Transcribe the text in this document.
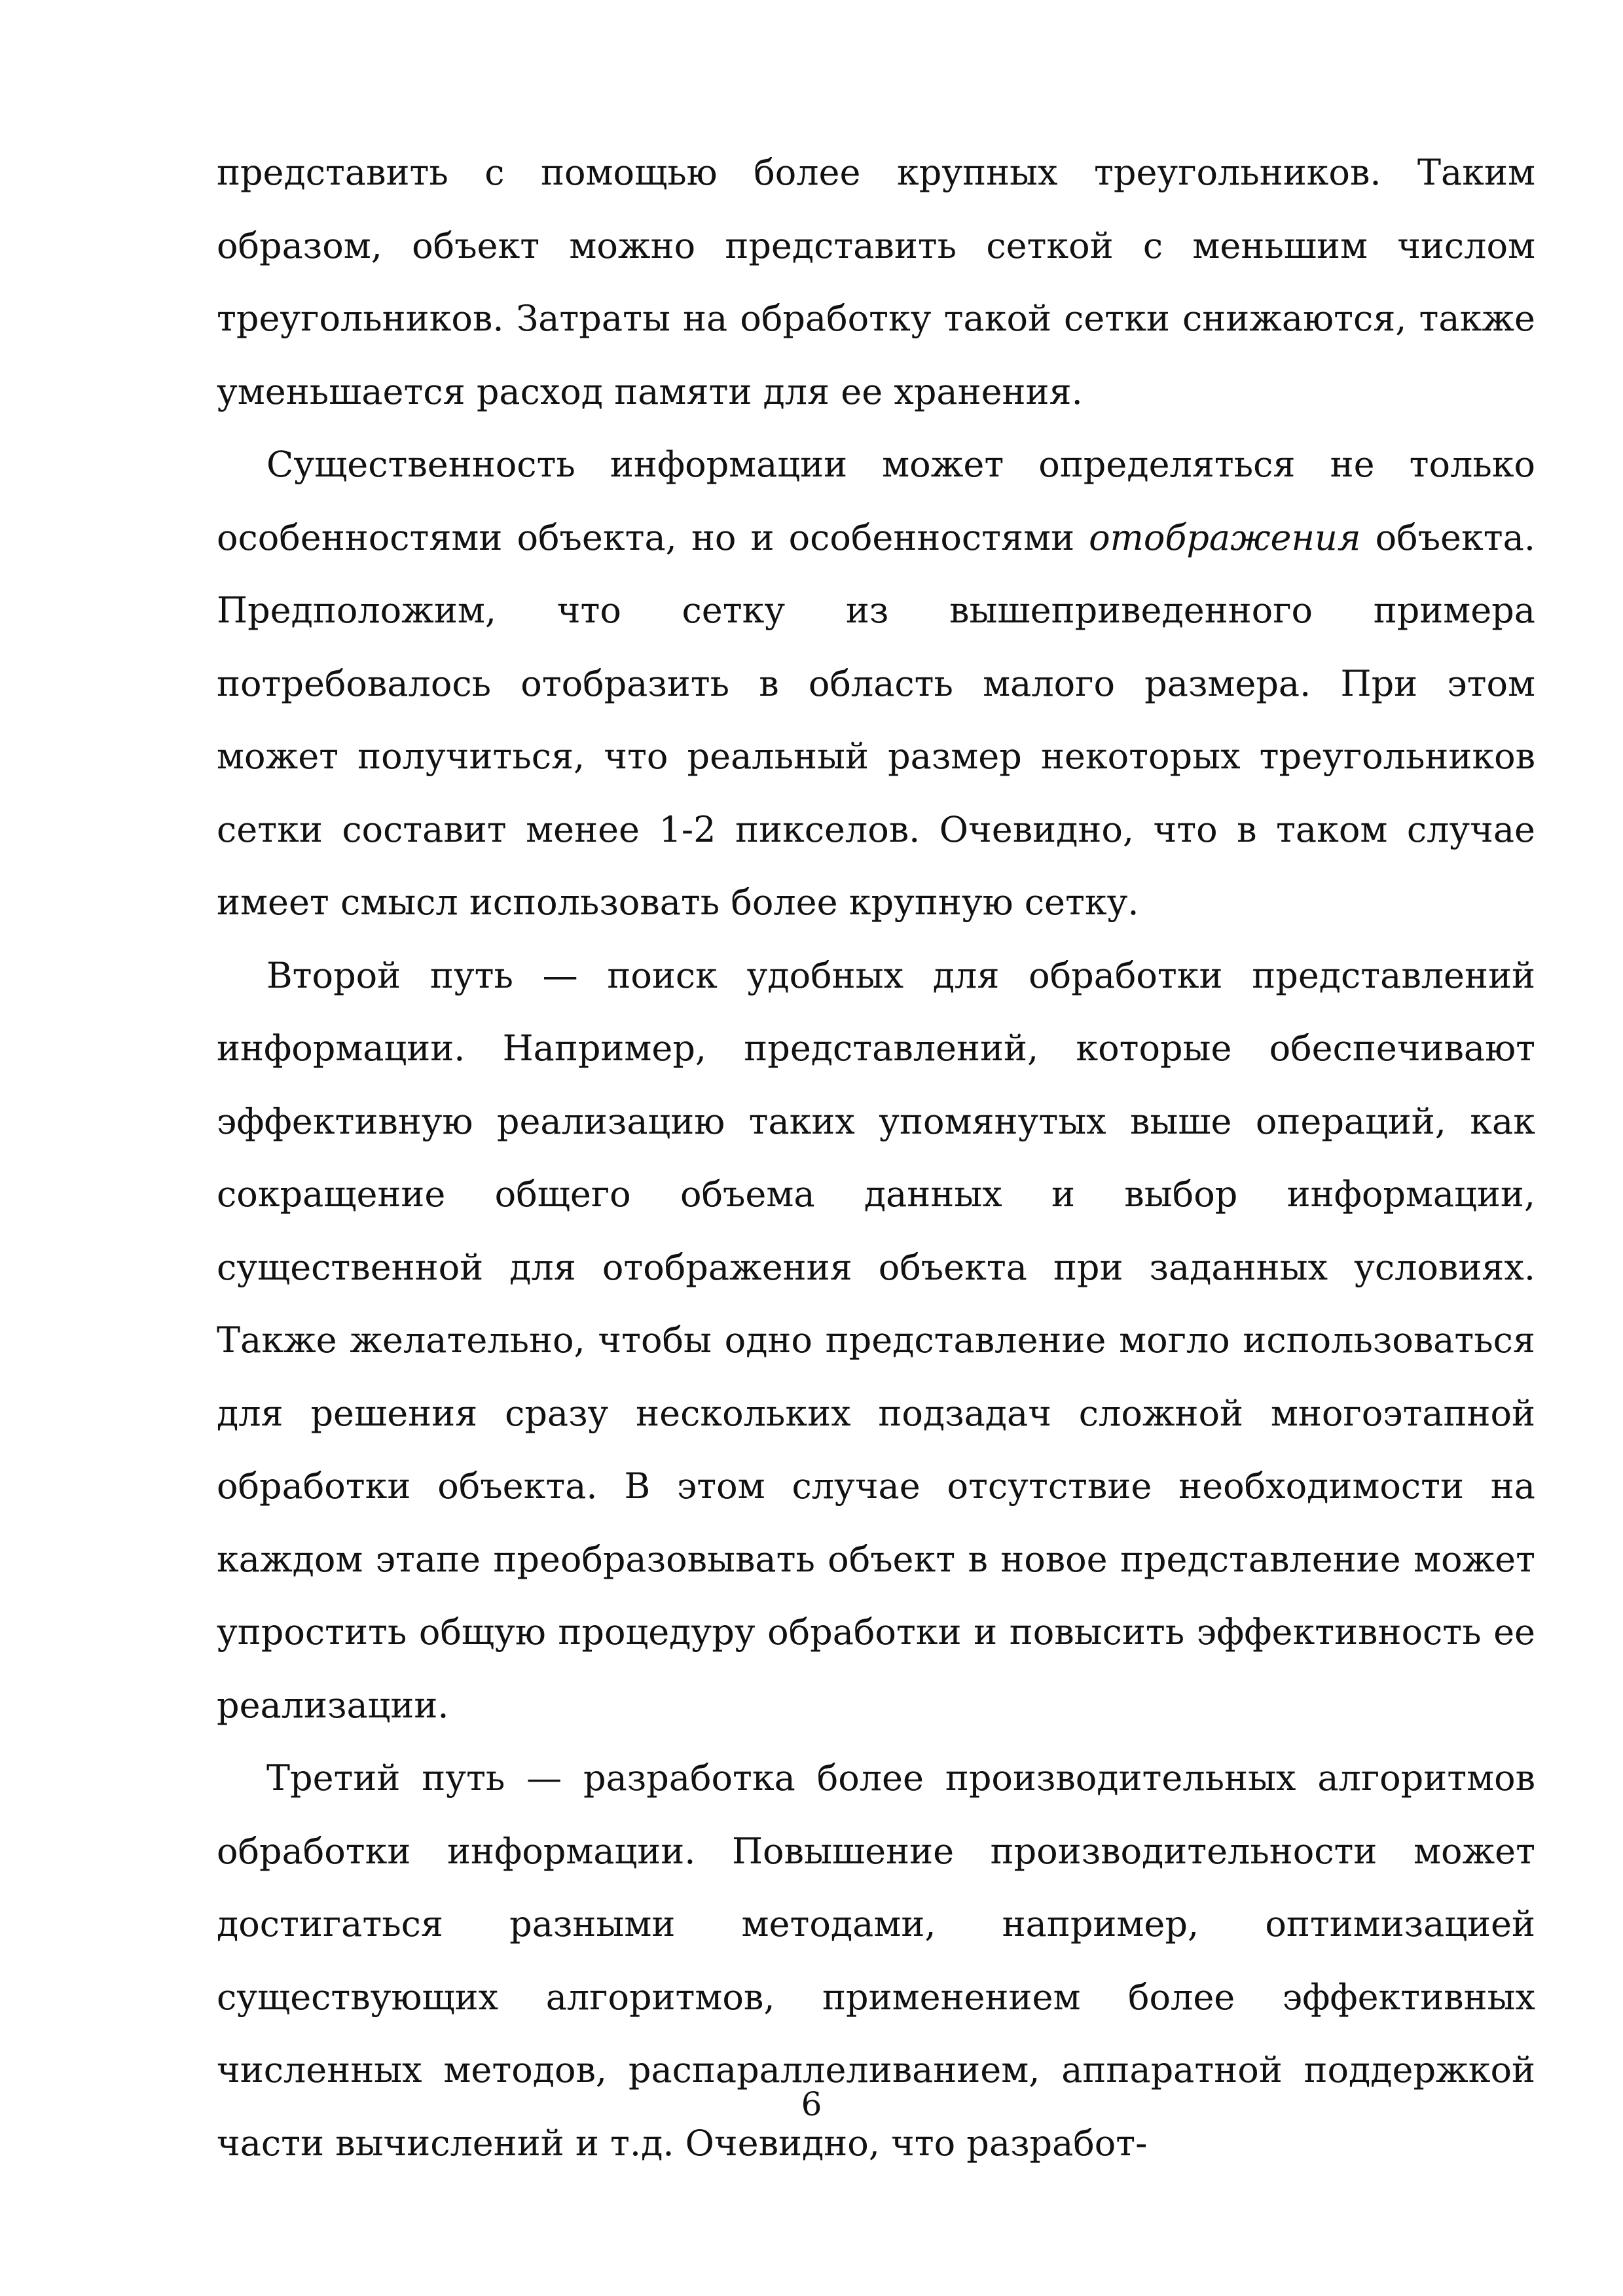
представить с помощью более крупных треугольников. Таким образом, объект можно представить сеткой с меньшим числом треугольников. Затраты на обработку такой сетки снижаются, также уменьшается расход памяти для ее хранения.

Существенность информации может определяться не только особенностями объекта, но и особенностями отображения объекта. Предположим, что сетку из вышеприведенного примера потребовалось отобразить в область малого размера. При этом может получиться, что реальный размер некоторых треугольников сетки составит менее 1-2 пикселов. Очевидно, что в таком случае имеет смысл использовать более крупную сетку.

Второй путь — поиск удобных для обработки представлений информации. Например, представлений, которые обеспечивают эффективную реализацию таких упомянутых выше операций, как сокращение общего объема данных и выбор информации, существенной для отображения объекта при заданных условиях. Также желательно, чтобы одно представление могло использоваться для решения сразу нескольких подзадач сложной многоэтапной обработки объекта. В этом случае отсутствие необходимости на каждом этапе преобразовывать объект в новое представление может упростить общую процедуру обработки и повысить эффективность ее реализации.

Третий путь — разработка более производительных алгоритмов обработки информации. Повышение производительности может достигаться разными методами, например, оптимизацией существующих алгоритмов, применением более эффективных численных методов, распараллеливанием, аппаратной поддержкой части вычислений и т.д. Очевидно, что разработ-

6
